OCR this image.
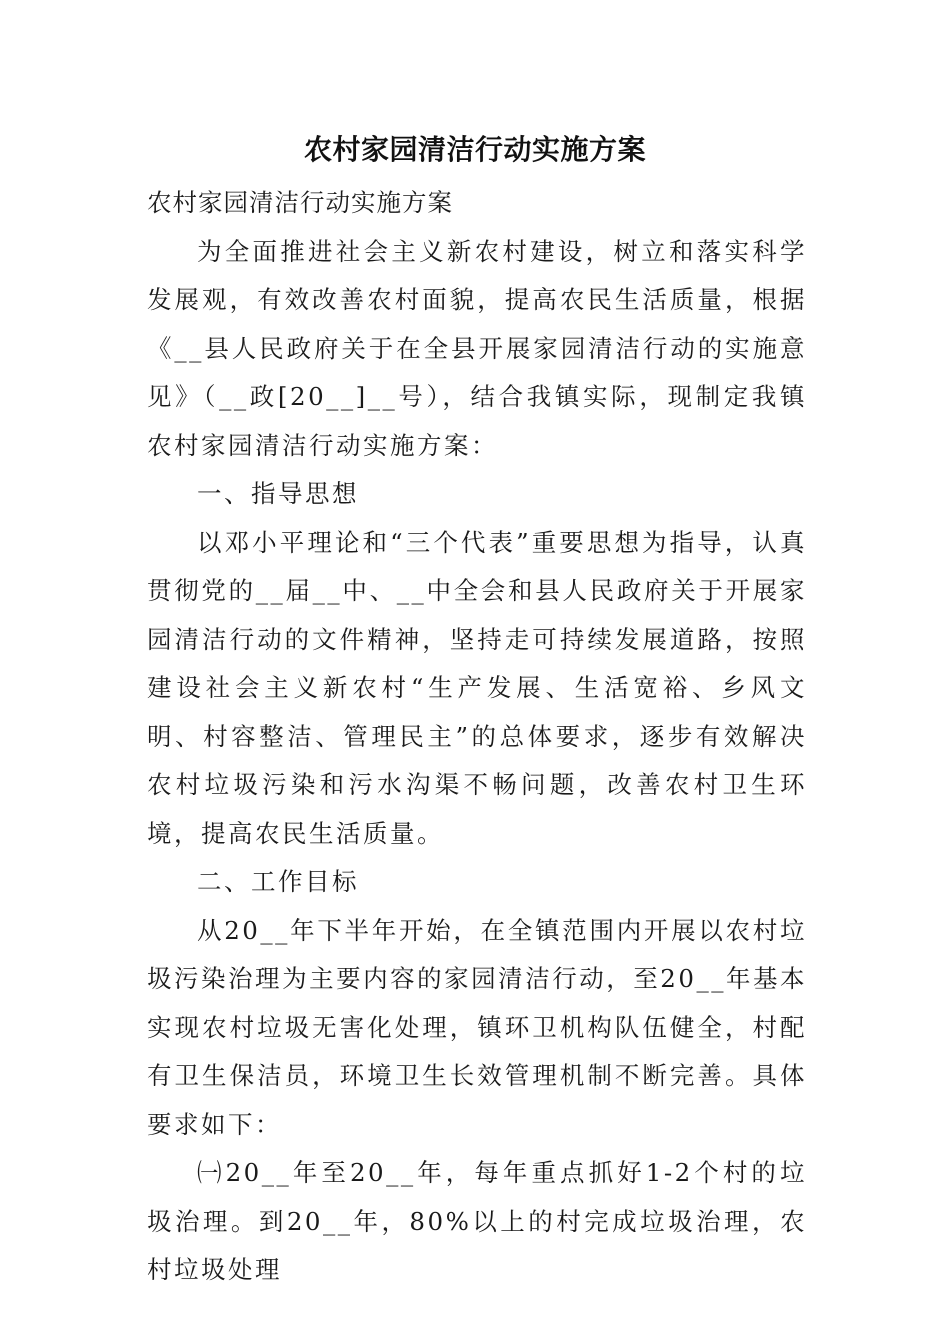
农村家园清洁行动实施方案

农村家园清洁行动实施方案

为全面推进社会主义新农村建设，树立和落实科学发展观，有效改善农村面貌，提高农民生活质量，根据《__县人民政府关于在全县开展家园清洁行动的实施意见》（__政[20__]__号），结合我镇实际，现制定我镇农村家园清洁行动实施方案：

一、指导思想

以邓小平理论和“三个代表”重要思想为指导，认真贯彻党的__届__中、__中全会和县人民政府关于开展家园清洁行动的文件精神，坚持走可持续发展道路，按照建设社会主义新农村“生产发展、生活宽裕、乡风文明、村容整洁、管理民主”的总体要求，逐步有效解决农村垃圾污染和污水沟渠不畅问题，改善农村卫生环境，提高农民生活质量。

二、工作目标

从20__年下半年开始，在全镇范围内开展以农村垃圾污染治理为主要内容的家园清洁行动，至20__年基本实现农村垃圾无害化处理，镇环卫机构队伍健全，村配有卫生保洁员，环境卫生长效管理机制不断完善。具体要求如下：

㈠20__年至20__年，每年重点抓好1-2个村的垃圾治理。到20__年，80%以上的村完成垃圾治理，农村垃圾处理
